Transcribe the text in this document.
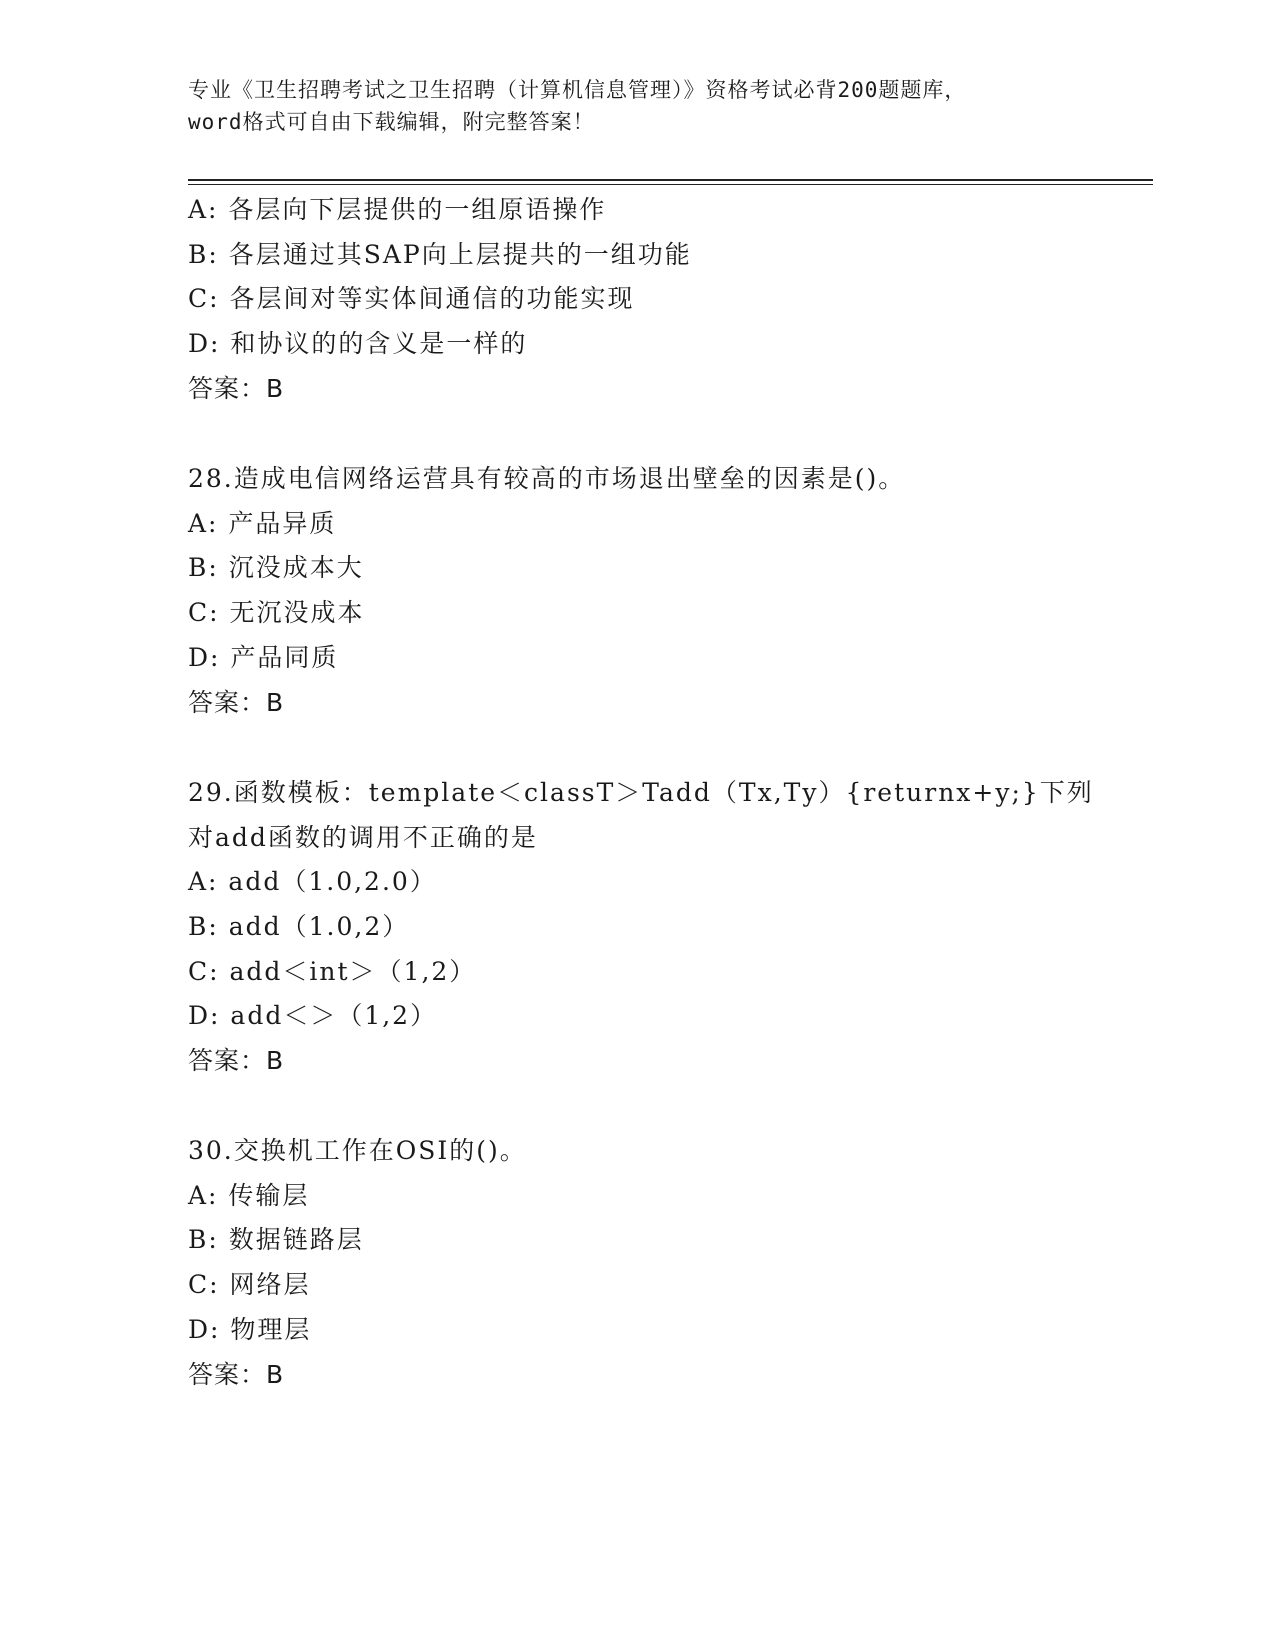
专业《卫生招聘考试之卫生招聘（计算机信息管理）》资格考试必背200题题库，
word格式可自由下载编辑，附完整答案！
A: 各层向下层提供的一组原语操作
B: 各层通过其SAP向上层提共的一组功能
C: 各层间对等实体间通信的功能实现
D: 和协议的的含义是一样的
答案：B
28.造成电信网络运营具有较高的市场退出壁垒的因素是()。
A: 产品异质
B: 沉没成本大
C: 无沉没成本
D: 产品同质
答案：B
29.函数模板：template＜classT＞Tadd（Tx,Ty）{returnx+y;}下列
对add函数的调用不正确的是
A: add（1.0,2.0）
B: add（1.0,2）
C: add＜int＞（1,2）
D: add＜＞（1,2）
答案：B
30.交换机工作在OSI的()。
A: 传输层
B: 数据链路层
C: 网络层
D: 物理层
答案：B
